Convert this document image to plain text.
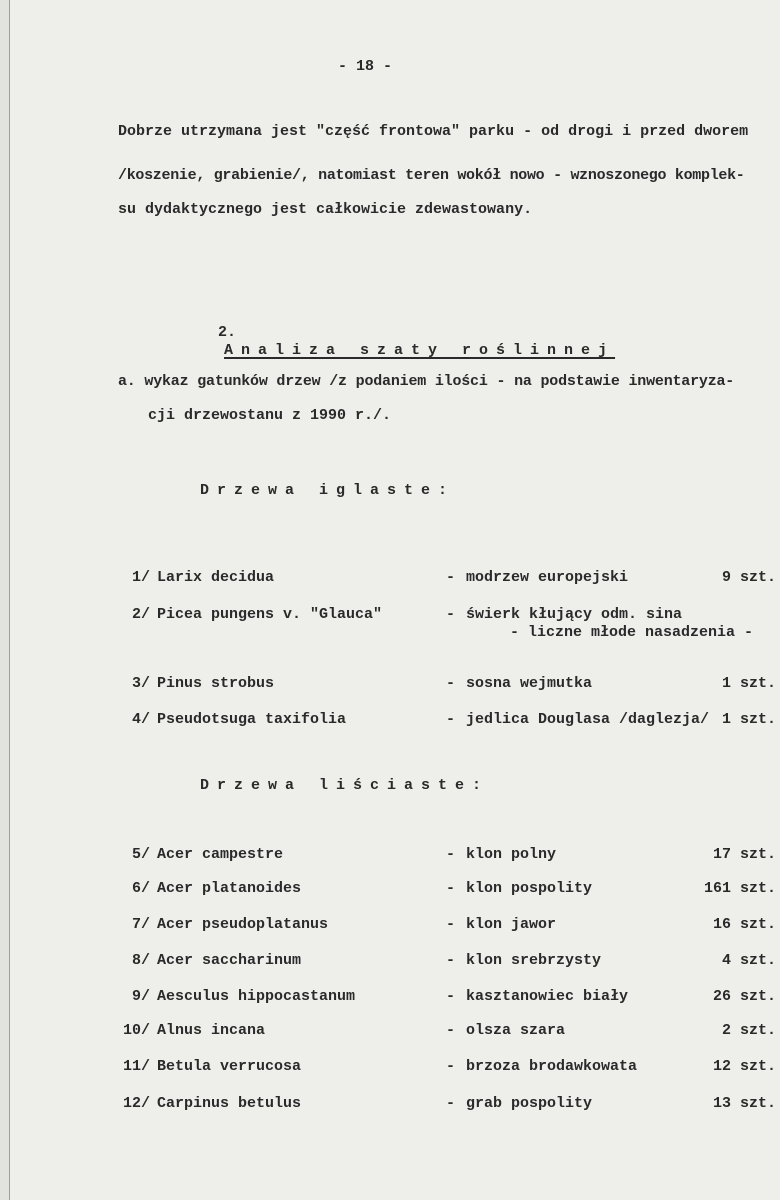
- 18 -
Dobrze utrzymana jest "część frontowa" parku - od drogi i przed dworem
/koszenie, grabienie/, natomiast teren wokół nowo - wznoszonego komplek-
su dydaktycznego jest całkowicie zdewastowany.

2.
Analiza szaty roślinnej

a. wykaz gatunków drzew /z podaniem ilości - na podstawie inwentaryza-
cji drzewostanu z 1990 r./.
Drzewa iglaste:

1/ Larix decidua	- modrzew europejski	9 szt.

2/ Picea pungens v. "Glauca"	- świerk kłujący odm. sina

- liczne młode nasadzenia -

3/ Pinus strobus	- sosna wejmutka	1 szt.

4/ Pseudotsuga taxifolia	- jedlica Douglasa /daglezja/ 1 szt.

Drzewa liściaste:
5/ Acer campestre	- klon polny	17 szt.
6/ Acer platanoides	- klon pospolity	161 szt.
7/ Acer pseudoplatanus	- klon jawor	16 szt.
8/ Acer saccharinum	- klon srebrzysty	4 szt.
9/ Aesculus hippocastanum	- kasztanowiec biały	26 szt.
10/ Alnus incana	- olsza szara	2 szt.
11/ Betula verrucosa	- brzoza brodawkowata	12 szt.
12/ Carpinus betulus	- grab pospolity	13 szt.
